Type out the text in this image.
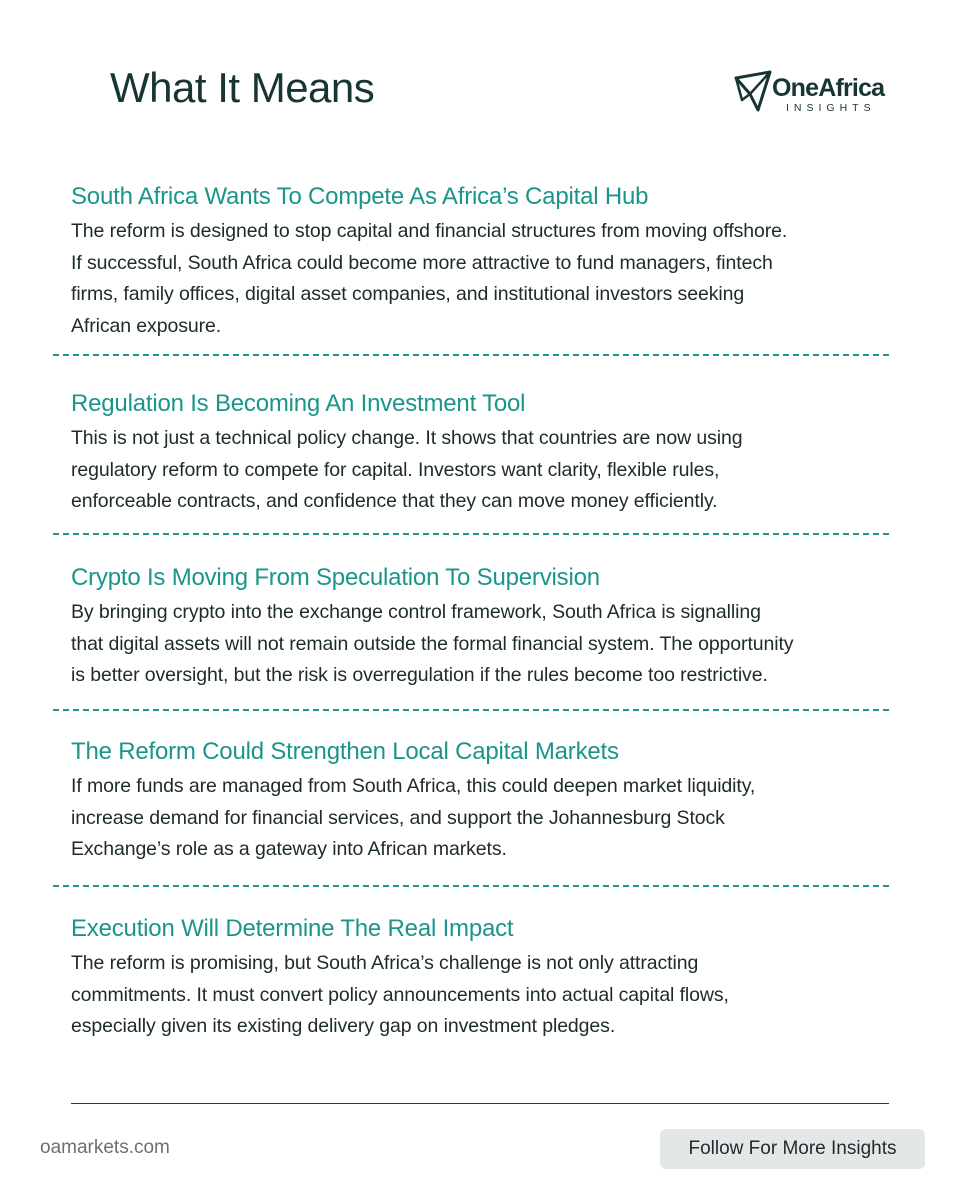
What It Means	OneAfrica
INSIGHTS
South Africa Wants To Compete As Africa’s Capital Hub

The reform is designed to stop capital and financial structures from moving offshore.
If successful, South Africa could become more attractive to fund managers, fintech
firms, family offices, digital asset companies, and institutional investors seeking
African exposure.

Regulation Is Becoming An Investment Tool

This is not just a technical policy change. It shows that countries are now using
regulatory reform to compete for capital. Investors want clarity, flexible rules,
enforceable contracts, and confidence that they can move money efficiently.

Crypto Is Moving From Speculation To Supervision

By bringing crypto into the exchange control framework, South Africa is signalling
that digital assets will not remain outside the formal financial system. The opportunity
is better oversight, but the risk is overregulation if the rules become too restrictive.

The Reform Could Strengthen Local Capital Markets

If more funds are managed from South Africa, this could deepen market liquidity,
increase demand for financial services, and support the Johannesburg Stock
Exchange’s role as a gateway into African markets.

Execution Will Determine The Real Impact

The reform is promising, but South Africa’s challenge is not only attracting
commitments. It must convert policy announcements into actual capital flows,
especially given its existing delivery gap on investment pledges.

oamarkets.com	Follow For More Insights
